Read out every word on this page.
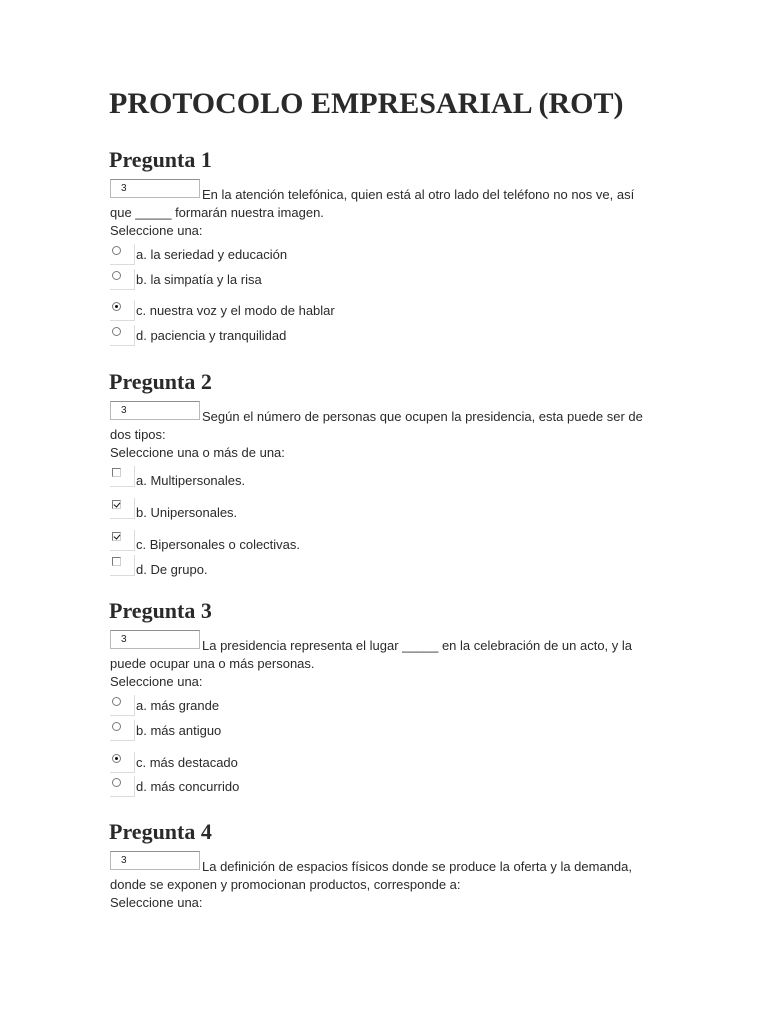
PROTOCOLO EMPRESARIAL (ROT)
Pregunta 1

En la atención telefónica, quien está al otro lado del teléfono no nos ve, así que _____ formarán nuestra imagen.

3

Seleccione una:

a. la seriedad y educación
b. la simpatía y la risa
c. nuestra voz y el modo de hablar
d. paciencia y tranquilidad
Pregunta 2

Según el número de personas que ocupen la presidencia, esta puede ser de dos tipos:

3

Seleccione una o más de una:

a. Multipersonales.
b. Unipersonales.
c. Bipersonales o colectivas.
d. De grupo.
Pregunta 3

La presidencia representa el lugar _____ en la celebración de un acto, y la puede ocupar una o más personas.

3

Seleccione una:

a. más grande
b. más antiguo
c. más destacado
d. más concurrido
Pregunta 4

La definición de espacios físicos donde se produce la oferta y la demanda, donde se exponen y promocionan productos, corresponde a:

3

Seleccione una:
